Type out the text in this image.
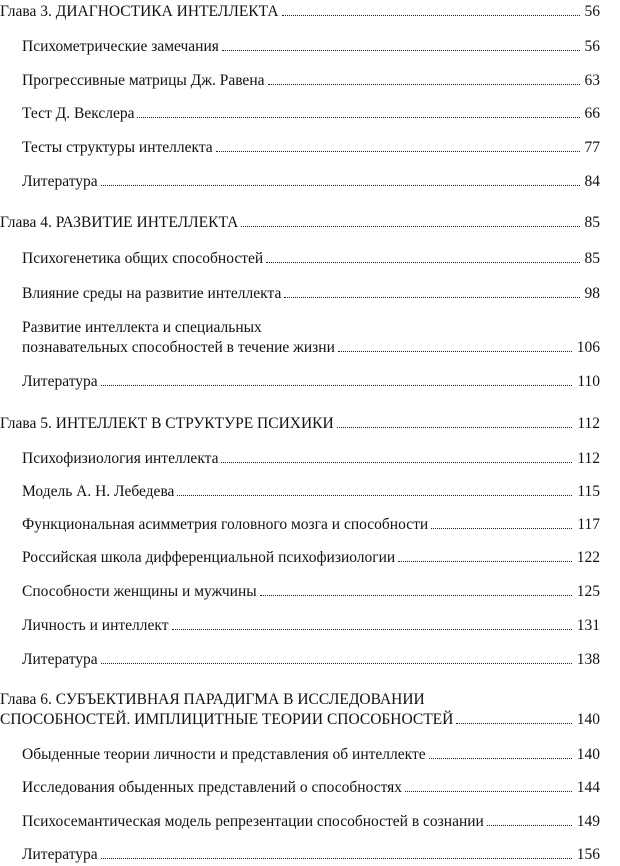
Глава 3. ДИАГНОСТИКА ИНТЕЛЛЕКТА	56
Психометрические замечания	56
Прогрессивные матрицы Дж. Равена	63
Тест Д. Векслера	66
Тесты структуры интеллекта	77
Литература	84
Глава 4. РАЗВИТИЕ ИНТЕЛЛЕКТА	85
Психогенетика общих способностей	85
Влияние среды на развитие интеллекта	98
Развитие интеллекта и специальных
познавательных способностей в течение жизни	106
Литература	110
Глава 5. ИНТЕЛЛЕКТ В СТРУКТУРЕ ПСИХИКИ	112
Психофизиология интеллекта	112
Модель А. Н. Лебедева	115
Функциональная асимметрия головного мозга и способности	117
Российская школа дифференциальной психофизиологии	122
Способности женщины и мужчины	125
Личность и интеллект	131
Литература	138
Глава 6. СУБЪЕКТИВНАЯ ПАРАДИГМА В ИССЛЕДОВАНИИ
СПОСОБНОСТЕЙ. ИМПЛИЦИТНЫЕ ТЕОРИИ СПОСОБНОСТЕЙ	140
Обыденные теории личности и представления об интеллекте	140
Исследования обыденных представлений о способностях	144
Психосемантическая модель репрезентации способностей в сознании	149
Литература	156
